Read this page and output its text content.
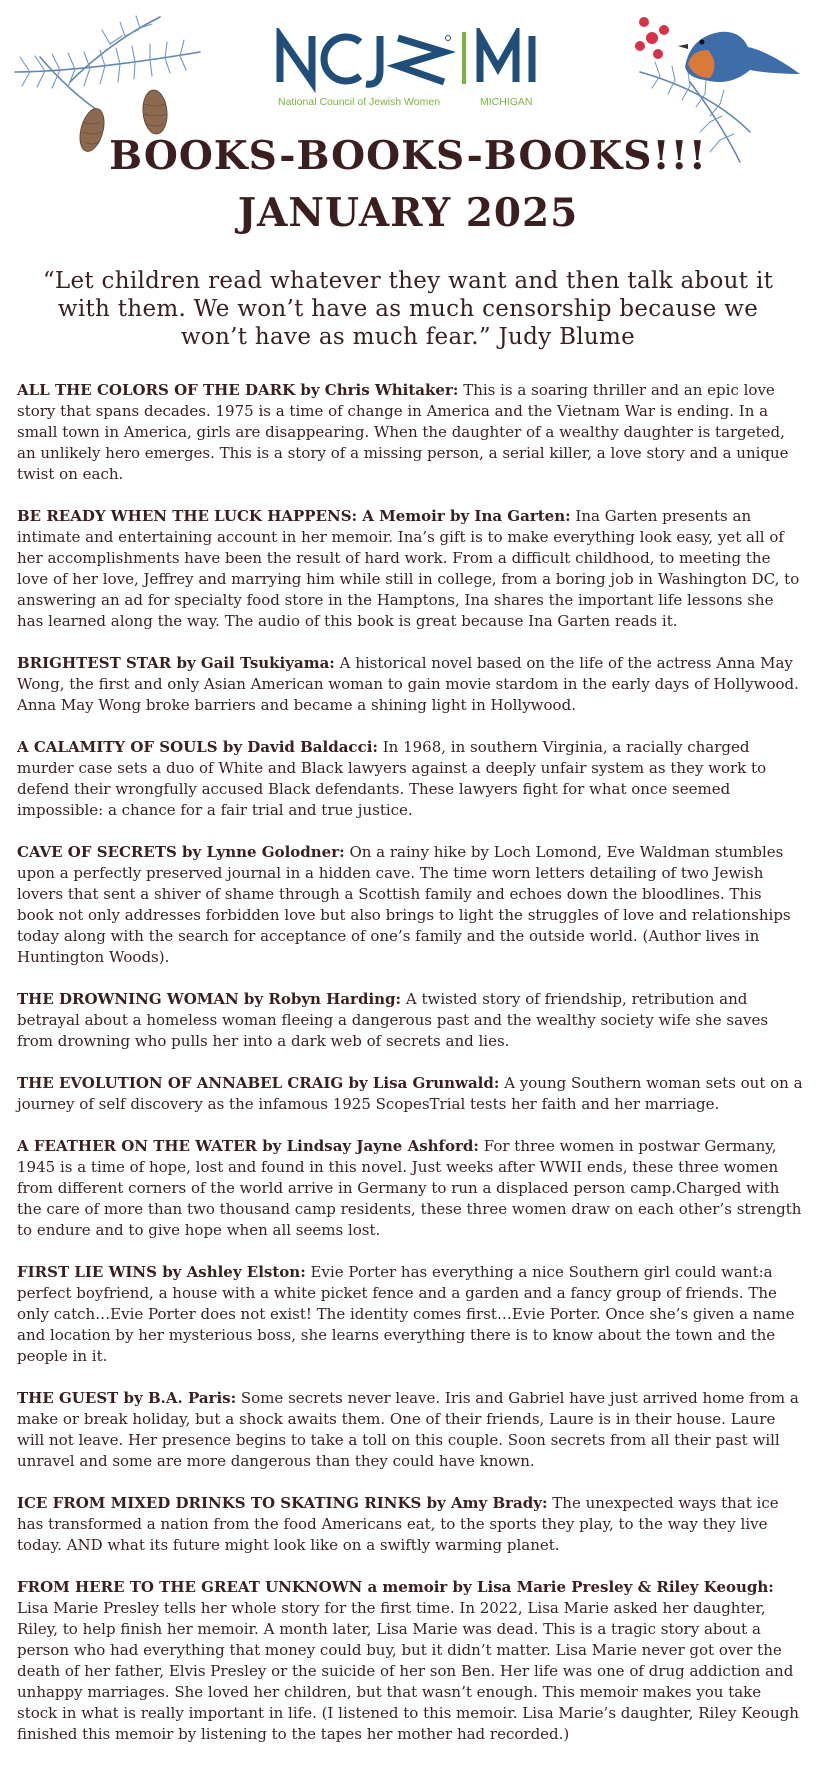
National Council of Jewish Women	MICHIGAN
BOOKS-BOOKS-BOOKS!!!
JANUARY 2025
“Let children read whatever they want and then talk about it with them. We won’t have as much censorship because we won’t have as much fear.” Judy Blume

ALL THE COLORS OF THE DARK by Chris Whitaker: This is a soaring thriller and an epic love story that spans decades. 1975 is a time of change in America and the Vietnam War is ending. In a small town in America, girls are disappearing. When the daughter of a wealthy daughter is targeted, an unlikely hero emerges. This is a story of a missing person, a serial killer, a love story and a unique twist on each.

BE READY WHEN THE LUCK HAPPENS: A Memoir by Ina Garten: Ina Garten presents an intimate and entertaining account in her memoir. Ina’s gift is to make everything look easy, yet all of her accomplishments have been the result of hard work. From a difficult childhood, to meeting the love of her love, Jeffrey and marrying him while still in college, from a boring job in Washington DC, to answering an ad for specialty food store in the Hamptons, Ina shares the important life lessons she has learned along the way. The audio of this book is great because Ina Garten reads it.

BRIGHTEST STAR by Gail Tsukiyama: A historical novel based on the life of the actress Anna May Wong, the first and only Asian American woman to gain movie stardom in the early days of Hollywood. Anna May Wong broke barriers and became a shining light in Hollywood.

A CALAMITY OF SOULS by David Baldacci: In 1968, in southern Virginia, a racially charged murder case sets a duo of White and Black lawyers against a deeply unfair system as they work to defend their wrongfully accused Black defendants. These lawyers fight for what once seemed impossible: a chance for a fair trial and true justice.

CAVE OF SECRETS by Lynne Golodner: On a rainy hike by Loch Lomond, Eve Waldman stumbles upon a perfectly preserved journal in a hidden cave. The time worn letters detailing of two Jewish lovers that sent a shiver of shame through a Scottish family and echoes down the bloodlines. This book not only addresses forbidden love but also brings to light the struggles of love and relationships today along with the search for acceptance of one’s family and the outside world. (Author lives in Huntington Woods).

THE DROWNING WOMAN by Robyn Harding: A twisted story of friendship, retribution and betrayal about a homeless woman fleeing a dangerous past and the wealthy society wife she saves from drowning who pulls her into a dark web of secrets and lies.

THE EVOLUTION OF ANNABEL CRAIG by Lisa Grunwald: A young Southern woman sets out on a journey of self discovery as the infamous 1925 ScopesTrial tests her faith and her marriage.

A FEATHER ON THE WATER by Lindsay Jayne Ashford: For three women in postwar Germany, 1945 is a time of hope, lost and found in this novel. Just weeks after WWII ends, these three women from different corners of the world arrive in Germany to run a displaced person camp.Charged with the care of more than two thousand camp residents, these three women draw on each other’s strength to endure and to give hope when all seems lost.

FIRST LIE WINS by Ashley Elston: Evie Porter has everything a nice Southern girl could want:a perfect boyfriend, a house with a white picket fence and a garden and a fancy group of friends. The only catch…Evie Porter does not exist! The identity comes first…Evie Porter. Once she’s given a name and location by her mysterious boss, she learns everything there is to know about the town and the people in it.

THE GUEST by B.A. Paris: Some secrets never leave. Iris and Gabriel have just arrived home from a make or break holiday, but a shock awaits them. One of their friends, Laure is in their house. Laure will not leave. Her presence begins to take a toll on this couple. Soon secrets from all their past will unravel and some are more dangerous than they could have known.

ICE FROM MIXED DRINKS TO SKATING RINKS by Amy Brady: The unexpected ways that ice has transformed a nation from the food Americans eat, to the sports they play, to the way they live today. AND what its future might look like on a swiftly warming planet.

FROM HERE TO THE GREAT UNKNOWN a memoir by Lisa Marie Presley & Riley Keough: Lisa Marie Presley tells her whole story for the first time. In 2022, Lisa Marie asked her daughter, Riley, to help finish her memoir. A month later, Lisa Marie was dead. This is a tragic story about a person who had everything that money could buy, but it didn’t matter. Lisa Marie never got over the death of her father, Elvis Presley or the suicide of her son Ben. Her life was one of drug addiction and unhappy marriages. She loved her children, but that wasn’t enough. This memoir makes you take stock in what is really important in life. (I listened to this memoir. Lisa Marie’s daughter, Riley Keough finished this memoir by listening to the tapes her mother had recorded.)
